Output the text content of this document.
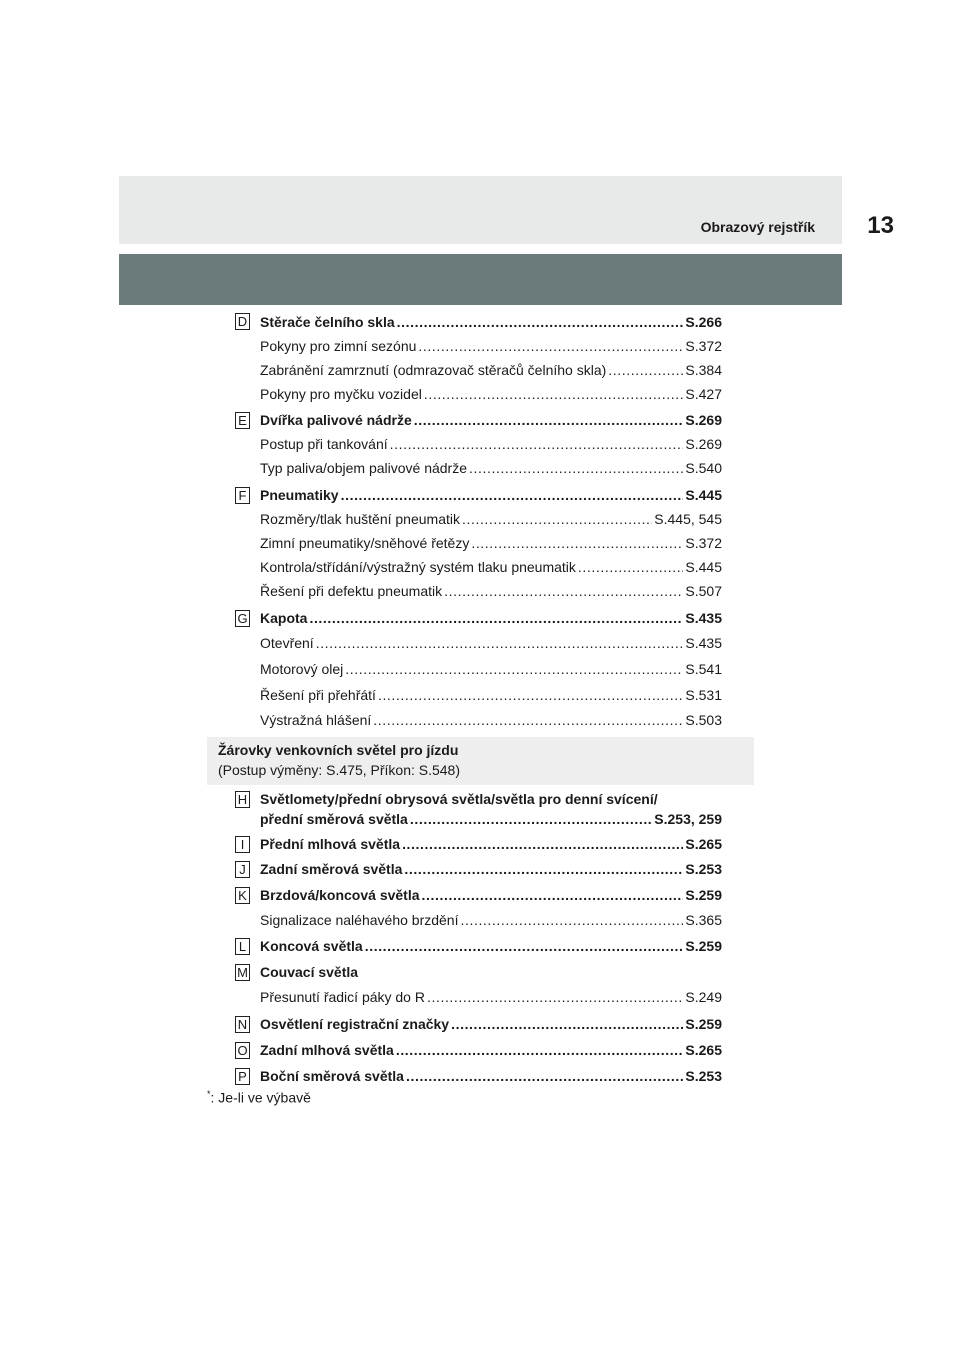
Obrazový rejstřík 13
D Stěrače čelního skla .....	S.266
Pokyny pro zimní sezónu .....	S.372
Zabránění zamrznutí (odmrazovač stěračů čelního skla) .....	S.384
Pokyny pro myčku vozidel .....	S.427
E Dvířka palivové nádrže .....	S.269
Postup při tankování .....	S.269
Typ paliva/objem palivové nádrže .....	S.540
F Pneumatiky .....	S.445
Rozměry/tlak huštění pneumatik .....	S.445, 545
Zimní pneumatiky/sněhové řetězy .....	S.372
Kontrola/střídání/výstražný systém tlaku pneumatik .....	S.445
Řešení při defektu pneumatik .....	S.507
G Kapota .....	S.435
Otevření .....	S.435
Motorový olej .....	S.541
Řešení při přehřátí .....	S.531
Výstražná hlášení .....	S.503
Žárovky venkovních světel pro jízdu
(Postup výměny: S.475, Příkon: S.548)
H Světlomety/přední obrysová světla/světla pro denní svícení/
přední směrová světla .....	S.253, 259
I	Přední mlhová světla .....	S.265
J	Zadní směrová světla .....	S.253
K Brzdová/koncová světla .....	S.259
Signalizace naléhavého brzdění .....	S.365
L Koncová světla .....	S.259
M Couvací světla
Přesunutí řadicí páky do R .....	S.249
N Osvětlení registrační značky .....	S.259
O Zadní mlhová světla .....	S.265
P Boční směrová světla .....	S.253
*: Je-li ve výbavě
